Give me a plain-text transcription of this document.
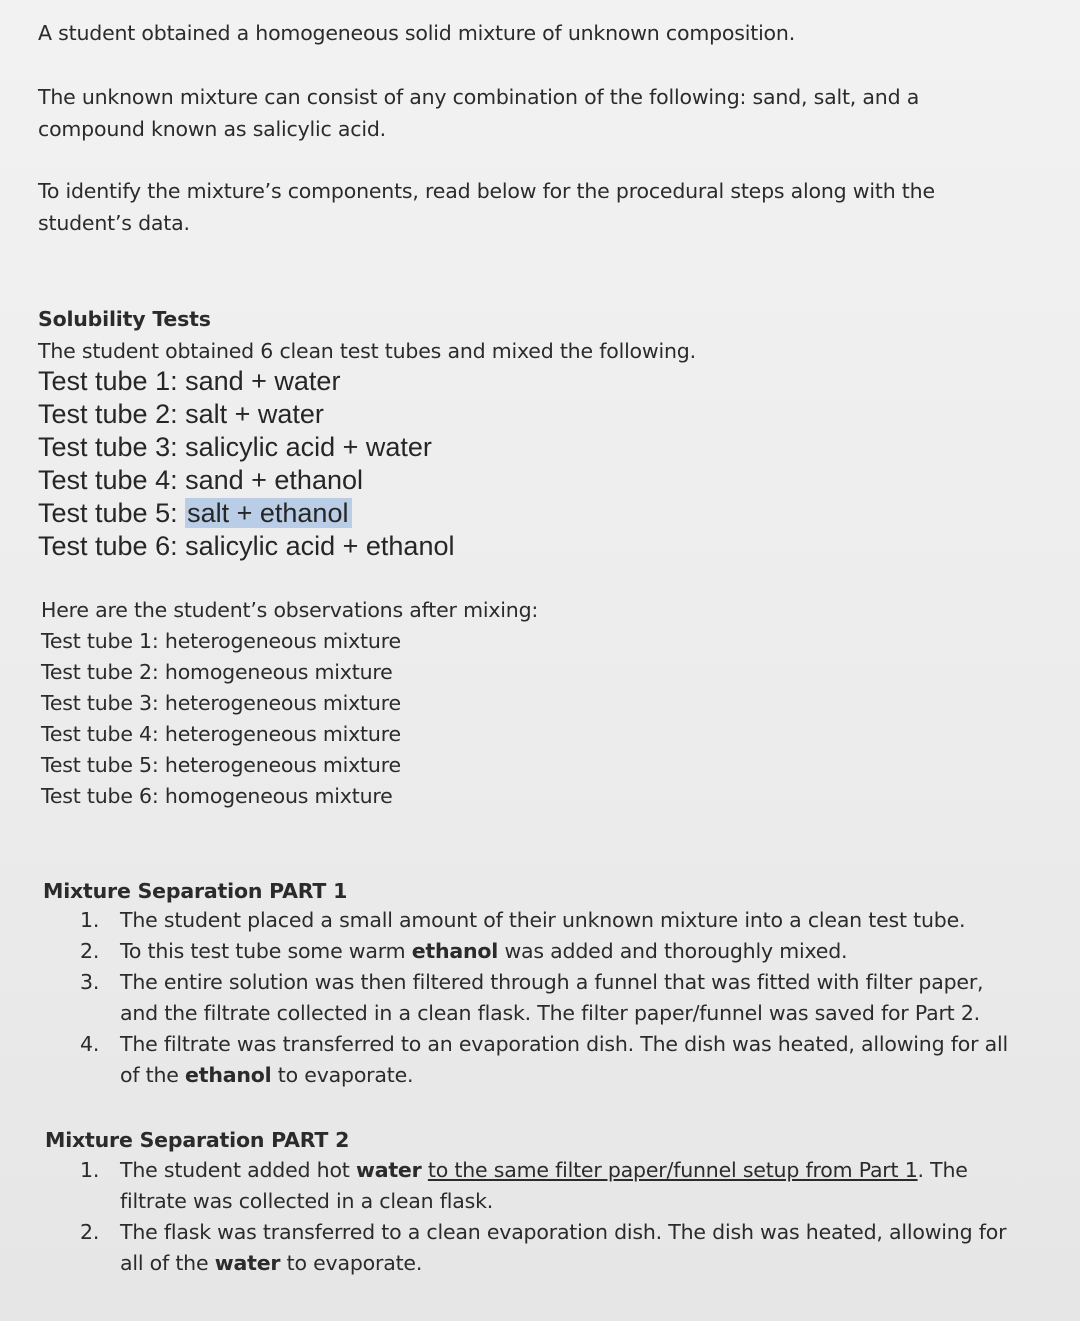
A student obtained a homogeneous solid mixture of unknown composition.

The unknown mixture can consist of any combination of the following: sand, salt, and a
compound known as salicylic acid.
To identify the mixture’s components, read below for the procedural steps along with the
student’s data.
Solubility Tests
The student obtained 6 clean test tubes and mixed the following.
Test tube 1: sand + water
Test tube 2: salt + water
Test tube 3: salicylic acid + water
Test tube 4: sand + ethanol
Test tube 5: salt + ethanol
Test tube 6: salicylic acid + ethanol
Here are the student’s observations after mixing:
Test tube 1: heterogeneous mixture
Test tube 2: homogeneous mixture
Test tube 3: heterogeneous mixture
Test tube 4: heterogeneous mixture
Test tube 5: heterogeneous mixture
Test tube 6: homogeneous mixture

Mixture Separation PART 1

1. The student placed a small amount of their unknown mixture into a clean test tube.
2. To this test tube some warm ethanol was added and thoroughly mixed.
3. The entire solution was then filtered through a funnel that was fitted with filter paper,
and the filtrate collected in a clean flask. The filter paper/funnel was saved for Part 2.
4. The filtrate was transferred to an evaporation dish. The dish was heated, allowing for all
of the ethanol to evaporate.

Mixture Separation PART 2

1. The student added hot water to the same filter paper/funnel setup from Part 1. The
filtrate was collected in a clean flask.
2. The flask was transferred to a clean evaporation dish. The dish was heated, allowing for
all of the water to evaporate.
